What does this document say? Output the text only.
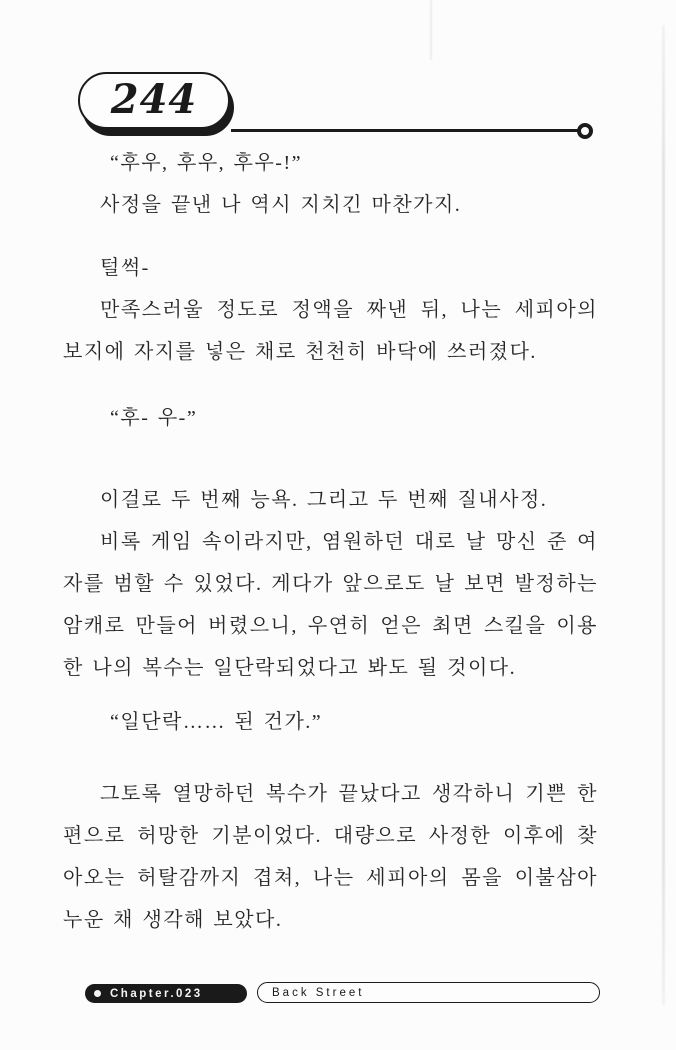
244

“후우, 후우, 후우-!”

사정을 끝낸 나 역시 지치긴 마찬가지.

털썩-

만족스러울 정도로 정액을 짜낸 뒤, 나는 세피아의 보지에 자지를 넣은 채로 천천히 바닥에 쓰러졌다.

“후- 우-”

이걸로 두 번째 능욕. 그리고 두 번째 질내사정.

비록 게임 속이라지만, 염원하던 대로 날 망신 준 여자를 범할 수 있었다. 게다가 앞으로도 날 보면 발정하는 암캐로 만들어 버렸으니, 우연히 얻은 최면 스킬을 이용한 나의 복수는 일단락되었다고 봐도 될 것이다.

“일단락…… 된 건가.”

그토록 열망하던 복수가 끝났다고 생각하니 기쁜 한편으로 허망한 기분이었다. 대량으로 사정한 이후에 찾아오는 허탈감까지 겹쳐, 나는 세피아의 몸을 이불삼아 누운 채 생각해 보았다.

Chapter.023	Back Street
